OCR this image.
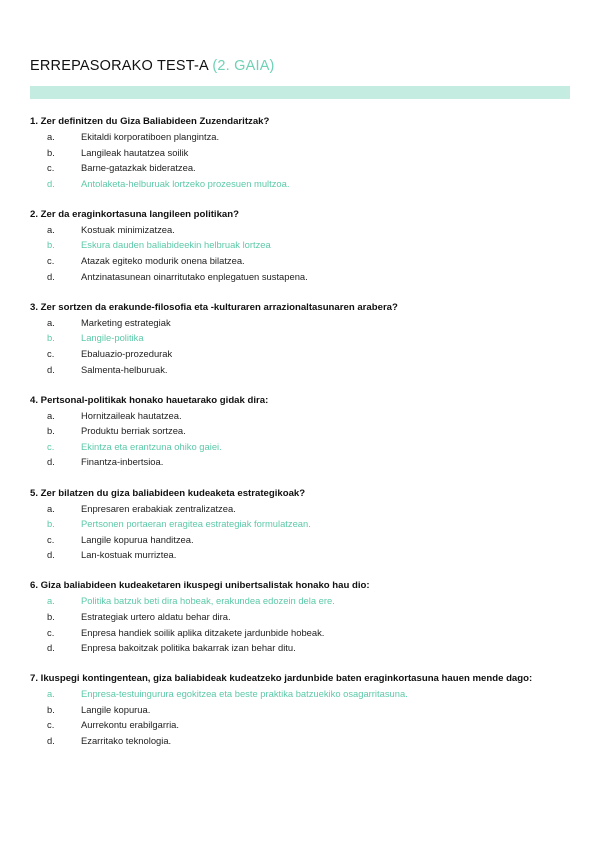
ERREPASORAKO TEST-A (2. GAIA)
1. Zer definitzen du Giza Baliabideen Zuzendaritzak?
a.	Ekitaldi korporatiboen plangintza.
b.	Langileak hautatzea soilik
c.	Barne-gatazkak bideratzea.
d.	Antolaketa-helburuak lortzeko prozesuen multzoa.
2. Zer da eraginkortasuna langileen politikan?
a.	Kostuak minimizatzea.
b.	Eskura dauden baliabideekin helbruak lortzea
c.	Atazak egiteko modurik onena bilatzea.
d.	Antzinatasunean oinarritutako enplegatuen sustapena.
3. Zer sortzen da erakunde-filosofia eta -kulturaren arrazionaltasunaren arabera?
a.	Marketing estrategiak
b.	Langile-politika
c.	Ebaluazio-prozedurak
d.	Salmenta-helburuak.
4. Pertsonal-politikak honako hauetarako gidak dira:
a.	Hornitzaileak hautatzea.
b.	Produktu berriak sortzea.
c.	Ekintza eta erantzuna ohiko gaiei.
d.	Finantza-inbertsioa.
5. Zer bilatzen du giza baliabideen kudeaketa estrategikoak?
a.	Enpresaren erabakiak zentralizatzea.
b.	Pertsonen portaeran eragitea estrategiak formulatzean.
c.	Langile kopurua handitzea.
d.	Lan-kostuak murriztea.
6. Giza baliabideen kudeaketaren ikuspegi unibertsalistak honako hau dio:
a.	Politika batzuk beti dira hobeak, erakundea edozein dela ere.
b.	Estrategiak urtero aldatu behar dira.
c.	Enpresa handiek soilik aplika ditzakete jardunbide hobeak.
d.	Enpresa bakoitzak politika bakarrak izan behar ditu.
7. Ikuspegi kontingentean, giza baliabideak kudeatzeko jardunbide baten eraginkortasuna hauen mende dago:
a.	Enpresa-testuingurura egokitzea eta beste praktika batzuekiko osagarritasuna.
b.	Langile kopurua.
c.	Aurrekontu erabilgarria.
d.	Ezarritako teknologia.
